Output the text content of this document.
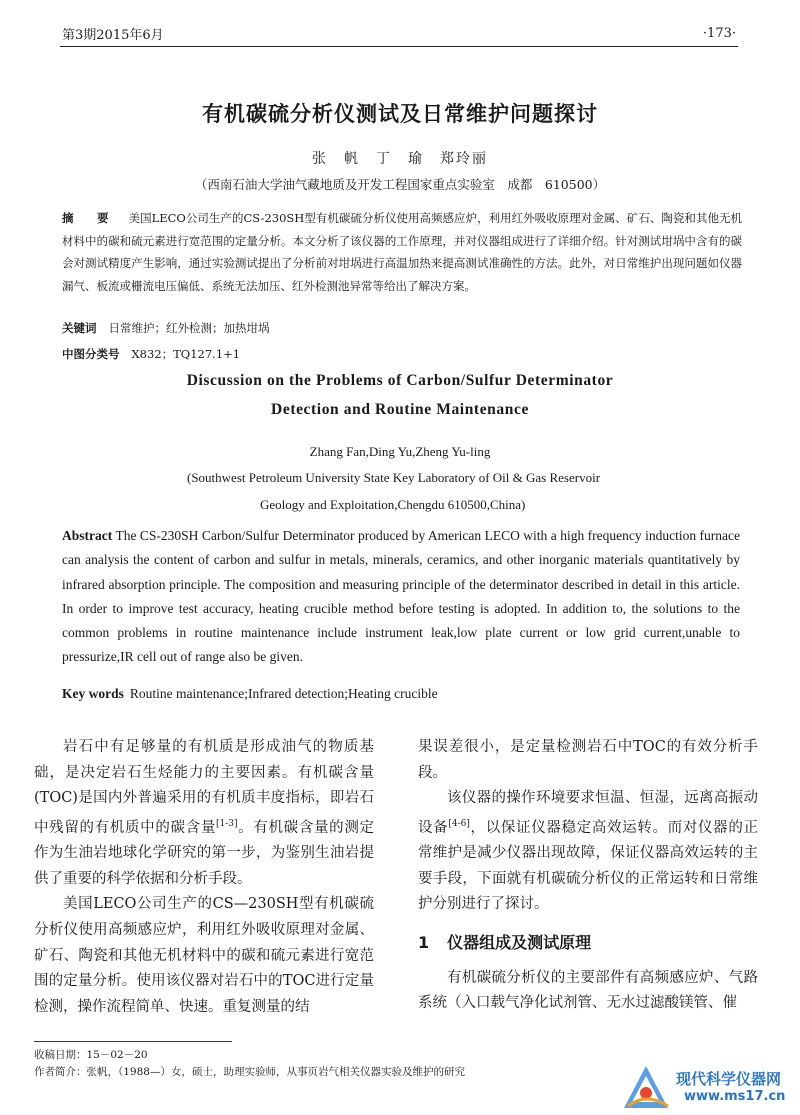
第3期2015年6月	·173·
有机碳硫分析仪测试及日常维护问题探讨
张　帆　丁　瑜　郑玲丽
（西南石油大学油气藏地质及开发工程国家重点实验室　成都　610500）
摘　要 美国LECO公司生产的CS-230SH型有机碳硫分析仪使用高频感应炉，利用红外吸收原理对金属、矿石、陶瓷和其他无机材料中的碳和硫元素进行宽范围的定量分析。本文分析了该仪器的工作原理，并对仪器组成进行了详细介绍。针对测试坩埚中含有的碳会对测试精度产生影响，通过实验测试提出了分析前对坩埚进行高温加热来提高测试准确性的方法。此外，对日常维护出现问题如仪器漏气、板流或栅流电压偏低、系统无法加压、红外检测池异常等给出了解决方案。
关键词 日常维护；红外检测；加热坩埚
中图分类号 X832；TQ127.1+1
Discussion on the Problems of Carbon/Sulfur Determinator
Detection and Routine Maintenance
Zhang Fan,Ding Yu,Zheng Yu-ling
(Southwest Petroleum University State Key Laboratory of Oil & Gas Reservoir
Geology and Exploitation,Chengdu 610500,China)
Abstract The CS-230SH Carbon/Sulfur Determinator produced by American LECO with a high frequency induction furnace can analysis the content of carbon and sulfur in metals, minerals, ceramics, and other inorganic materials quantitatively by infrared absorption principle. The composition and measuring principle of the determinator described in detail in this article. In order to improve test accuracy, heating crucible method before testing is adopted. In addition to, the solutions to the common problems in routine maintenance include instrument leak,low plate current or low grid current,unable to pressurize,IR cell out of range also be given.
Key words Routine maintenance;Infrared detection;Heating crucible

岩石中有足够量的有机质是形成油气的物质基础，是决定岩石生烃能力的主要因素。有机碳含量(TOC)是国内外普遍采用的有机质丰度指标，即岩石中残留的有机质中的碳含量[1-3]。有机碳含量的测定作为生油岩地球化学研究的第一步，为鉴别生油岩提供了重要的科学依据和分析手段。

美国LECO公司生产的CS—230SH型有机碳硫分析仪使用高频感应炉，利用红外吸收原理对金属、矿石、陶瓷和其他无机材料中的碳和硫元素进行宽范围的定量分析。使用该仪器对岩石中的TOC进行定量检测，操作流程简单、快速。重复测量的结

果误差很小，是定量检测岩石中TOC的有效分析手段。

该仪器的操作环境要求恒温、恒湿，远离高振动设备[4-6]，以保证仪器稳定高效运转。而对仪器的正常维护是减少仪器出现故障，保证仪器高效运转的主要手段，下面就有机碳硫分析仪的正常运转和日常维护分别进行了探讨。

1 仪器组成及测试原理

有机碳硫分析仪的主要部件有高频感应炉、气路系统（入口载气净化试剂管、无水过滤酸镁管、催

收稿日期：15－02－20
作者简介：张帆，（1988—）女，硕士，助理实验师，从事页岩气相关仪器实验及维护的研究	现代科学仪器网
www.ms17.cn
